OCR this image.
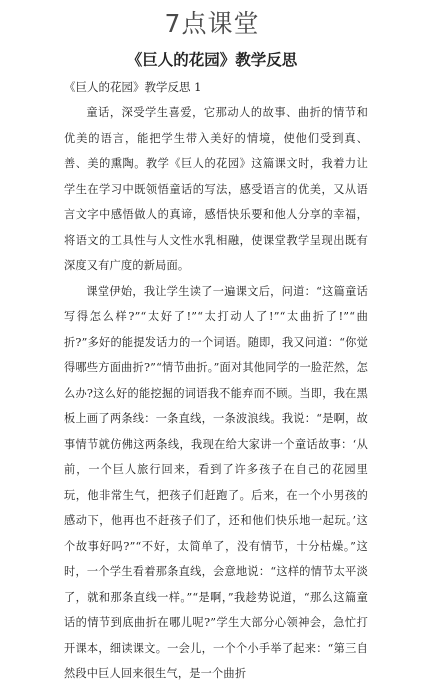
7点课堂
《巨人的花园》教学反思
《巨人的花园》教学反思 1

童话，深受学生喜爱，它那动人的故事、曲折的情节和优美的语言，能把学生带入美好的情境，使他们受到真、善、美的熏陶。教学《巨人的花园》这篇课文时，我着力让学生在学习中既领悟童话的写法，感受语言的优美，又从语言文字中感悟做人的真谛，感悟快乐要和他人分享的幸福，将语文的工具性与人文性水乳相融，使课堂教学呈现出既有深度又有广度的新局面。

课堂伊始，我让学生读了一遍课文后，问道：“这篇童话写得怎么样?”“太好了!”“太打动人了!”“太曲折了!”“曲折?”多好的能提发话力的一个词语。随即，我又问道：“你觉得哪些方面曲折?”“情节曲折。”面对其他同学的一脸茫然，怎么办?这么好的能挖掘的词语我不能弃而不顾。当即，我在黑板上画了两条线：一条直线，一条波浪线。我说：“是啊，故事情节就仿佛这两条线，我现在给大家讲一个童话故事：‘从前，一个巨人旅行回来，看到了许多孩子在自己的花园里玩，他非常生气，把孩子们赶跑了。后来，在一个小男孩的感动下，他再也不赶孩子们了，还和他们快乐地一起玩。’这个故事好吗?”“不好，太简单了，没有情节，十分枯燥。”这时，一个学生看着那条直线，会意地说：“这样的情节太平淡了，就和那条直线一样。”“是啊，”我趁势说道，“那么这篇童话的情节到底曲折在哪儿呢?”学生大部分心领神会，急忙打开课本，细读课文。一会儿，一个个小手举了起来：“第三自然段中巨人回来很生气，是一个曲折
